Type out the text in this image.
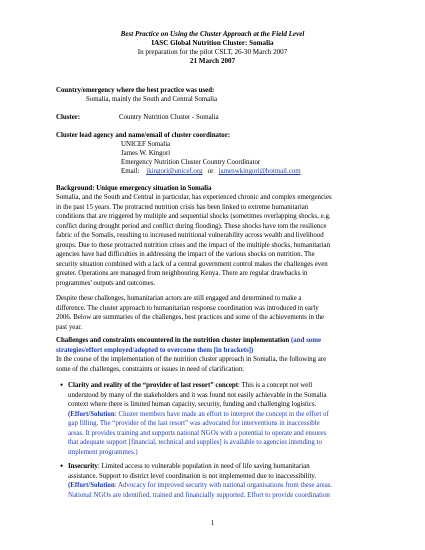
Best Practice on Using the Cluster Approach at the Field Level

IASC Global Nutrition Cluster: Somalia

In preparation for the pilot CSLT, 26-30 March 2007

21 March 2007

Country/emergency where the best practice was used:

Somalia, mainly the South and Central Somalia

Cluster:	Country Nutrition Cluster - Somalia

Cluster lead agency and name/email of cluster coordinator:

UNICEF Somalia

James W. Kingori

Emergency Nutrition Cluster Country Coordinator

Email: jkingori@unicef.org or jameswkingori@hotmail.com

Background: Unique emergency situation in Somalia

Somalia, and the South and Central in particular, has experienced chronic and complex emergencies
in the past 15 years. The protracted nutrition crisis has been linked to extreme humanitarian
conditions that are triggered by multiple and sequential shocks (sometimes overlapping shocks, e.g.
conflict during drought period and conflict during flooding). These shocks have tom the resilience
fabric of the Somalis, resulting to increased nutritional vulnerability across wealth and livelihood
groups. Due to these protracted nutrition crises and the impact of the multiple shocks, humanitarian
agencies have had difficulties in addressing the impact of the various shocks on nutrition. The
security situation combined with a lack of a central government control makes the challenges even
greater. Operations are managed from neighbouring Kenya. There are regular drawbacks in
programmes' outputs and outcomes.
Despite these challenges, humanitarian actors are still engaged and determined to make a
difference. The cluster approach to humanitarian response coordination was introduced in early
2006. Below are summaries of the challenges, best practices and some of the achievements in the
past year.
Challenges and constraints encountered in the nutrition cluster implementation (and some
strategies/effort employed/adopted to overcome them [in brackets])
In the course of the implementation of the nutrition cluster approach in Somalia, the following are
some of the challenges, constraints or issues in need of clarification:
• Clarity and reality of the “provider of last resort” concept: This is a concept not well
understood by many of the stakeholders and it was found not easily achievable in the Somalia
context where there is limited human capacity, security, funding and challenging logistics.
(Effort/Solution: Cluster members have made an effort to interpret the concept in the effort of
gap filling. The “provider of the last resort” was advocated for interventions in inaccessible
areas. It provides training and supports national NGOs with a potential to operate and ensures
that adequate support [financial, technical and supplies] is available to agencies intending to
implement programmes.)
• Insecurity: Limited access to vulnerable population in need of life saving humanitarian
assistance. Support to district level coordination is not implemented due to inaccessibility.
(Effort/Solution: Advocacy for improved security with national organisations from these areas.
National NGOs are identified, trained and financially supported. Effort to provide coordination

1
